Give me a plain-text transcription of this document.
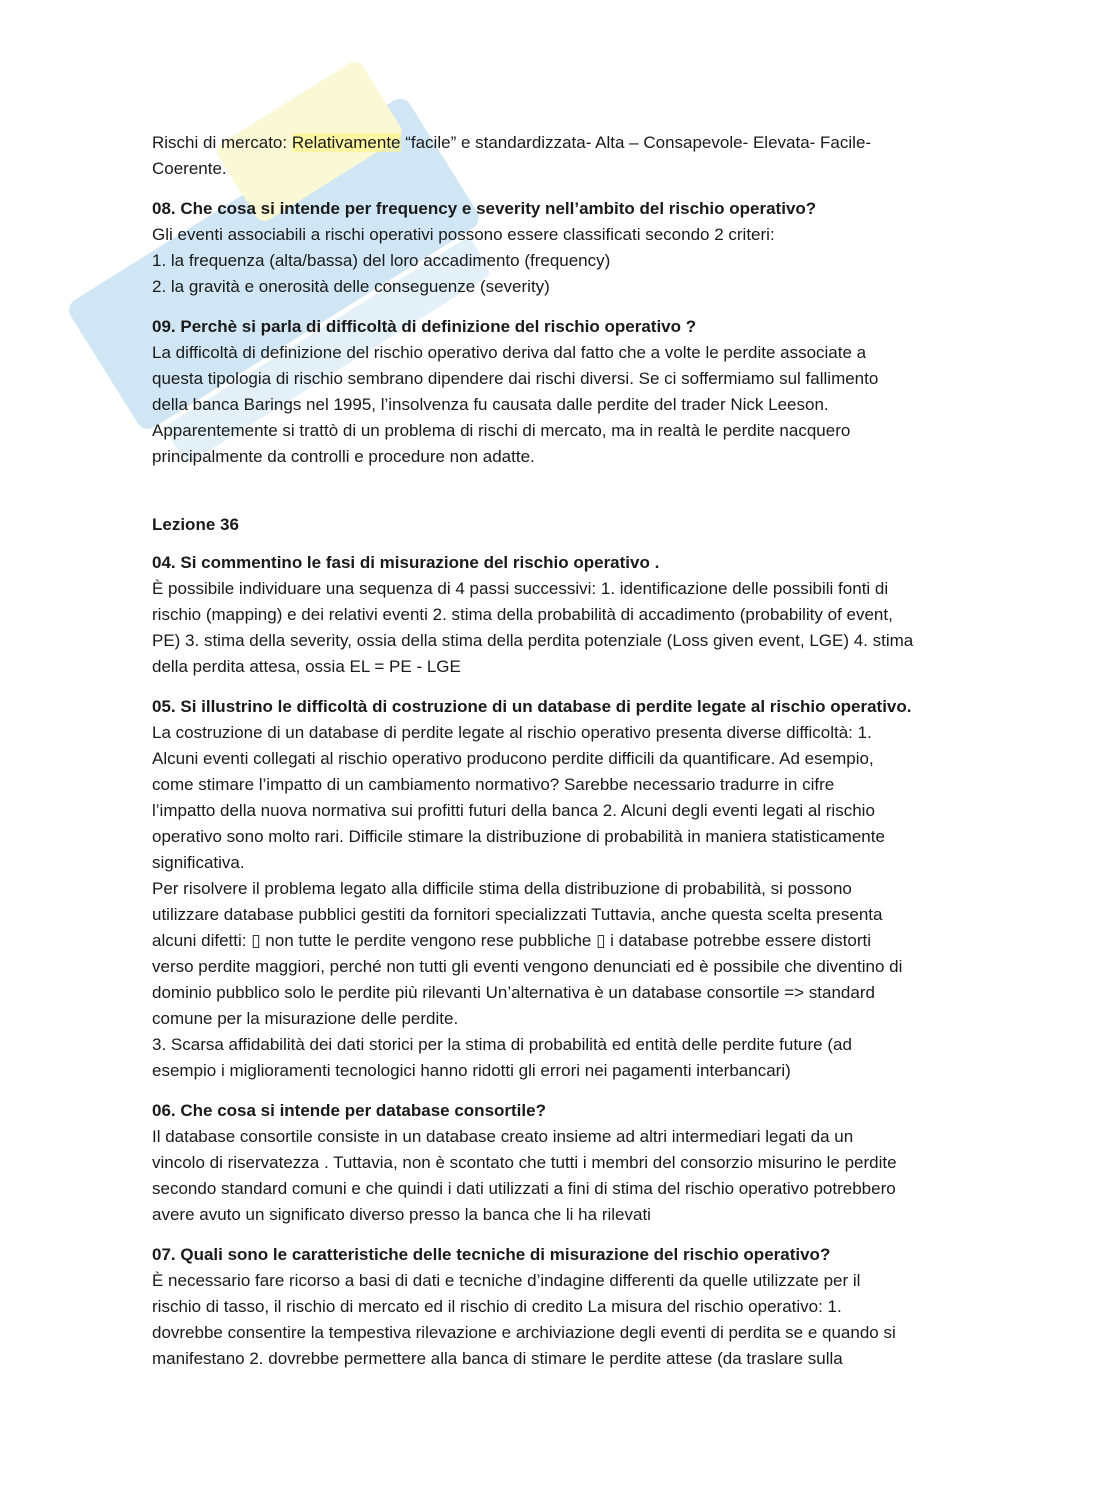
Rischi di mercato: Relativamente “facile” e standardizzata- Alta – Consapevole- Elevata- Facile-

Coerente.

08. Che cosa si intende per frequency e severity nell’ambito del rischio operativo?

Gli eventi associabili a rischi operativi possono essere classificati secondo 2 criteri:

1. la frequenza (alta/bassa) del loro accadimento (frequency)

2. la gravità e onerosità delle conseguenze (severity)

09. Perchè si parla di difficoltà di definizione del rischio operativo ?

La difficoltà di definizione del rischio operativo deriva dal fatto che a volte le perdite associate a

questa tipologia di rischio sembrano dipendere dai rischi diversi. Se ci soffermiamo sul fallimento

della banca Barings nel 1995, l’insolvenza fu causata dalle perdite del trader Nick Leeson.

Apparentemente si trattò di un problema di rischi di mercato, ma in realtà le perdite nacquero

principalmente da controlli e procedure non adatte.

Lezione 36

04. Si commentino le fasi di misurazione del rischio operativo .

È possibile individuare una sequenza di 4 passi successivi: 1. identificazione delle possibili fonti di

rischio (mapping) e dei relativi eventi 2. stima della probabilità di accadimento (probability of event,

PE) 3. stima della severity, ossia della stima della perdita potenziale (Loss given event, LGE) 4. stima

della perdita attesa, ossia EL = PE - LGE

05. Si illustrino le difficoltà di costruzione di un database di perdite legate al rischio operativo.

La costruzione di un database di perdite legate al rischio operativo presenta diverse difficoltà: 1.

Alcuni eventi collegati al rischio operativo producono perdite difficili da quantificare. Ad esempio,

come stimare l’impatto di un cambiamento normativo? Sarebbe necessario tradurre in cifre

l’impatto della nuova normativa sui profitti futuri della banca 2. Alcuni degli eventi legati al rischio

operativo sono molto rari. Difficile stimare la distribuzione di probabilità in maniera statisticamente

significativa.

Per risolvere il problema legato alla difficile stima della distribuzione di probabilità, si possono

utilizzare database pubblici gestiti da fornitori specializzati Tuttavia, anche questa scelta presenta

alcuni difetti: ▯ non tutte le perdite vengono rese pubbliche ▯ i database potrebbe essere distorti

verso perdite maggiori, perché non tutti gli eventi vengono denunciati ed è possibile che diventino di

dominio pubblico solo le perdite più rilevanti Un’alternativa è un database consortile => standard

comune per la misurazione delle perdite.

3. Scarsa affidabilità dei dati storici per la stima di probabilità ed entità delle perdite future (ad

esempio i miglioramenti tecnologici hanno ridotti gli errori nei pagamenti interbancari)

06. Che cosa si intende per database consortile?

Il database consortile consiste in un database creato insieme ad altri intermediari legati da un

vincolo di riservatezza . Tuttavia, non è scontato che tutti i membri del consorzio misurino le perdite

secondo standard comuni e che quindi i dati utilizzati a fini di stima del rischio operativo potrebbero

avere avuto un significato diverso presso la banca che li ha rilevati

07. Quali sono le caratteristiche delle tecniche di misurazione del rischio operativo?

È necessario fare ricorso a basi di dati e tecniche d’indagine differenti da quelle utilizzate per il

rischio di tasso, il rischio di mercato ed il rischio di credito La misura del rischio operativo: 1.

dovrebbe consentire la tempestiva rilevazione e archiviazione degli eventi di perdita se e quando si

manifestano 2. dovrebbe permettere alla banca di stimare le perdite attese (da traslare sulla
